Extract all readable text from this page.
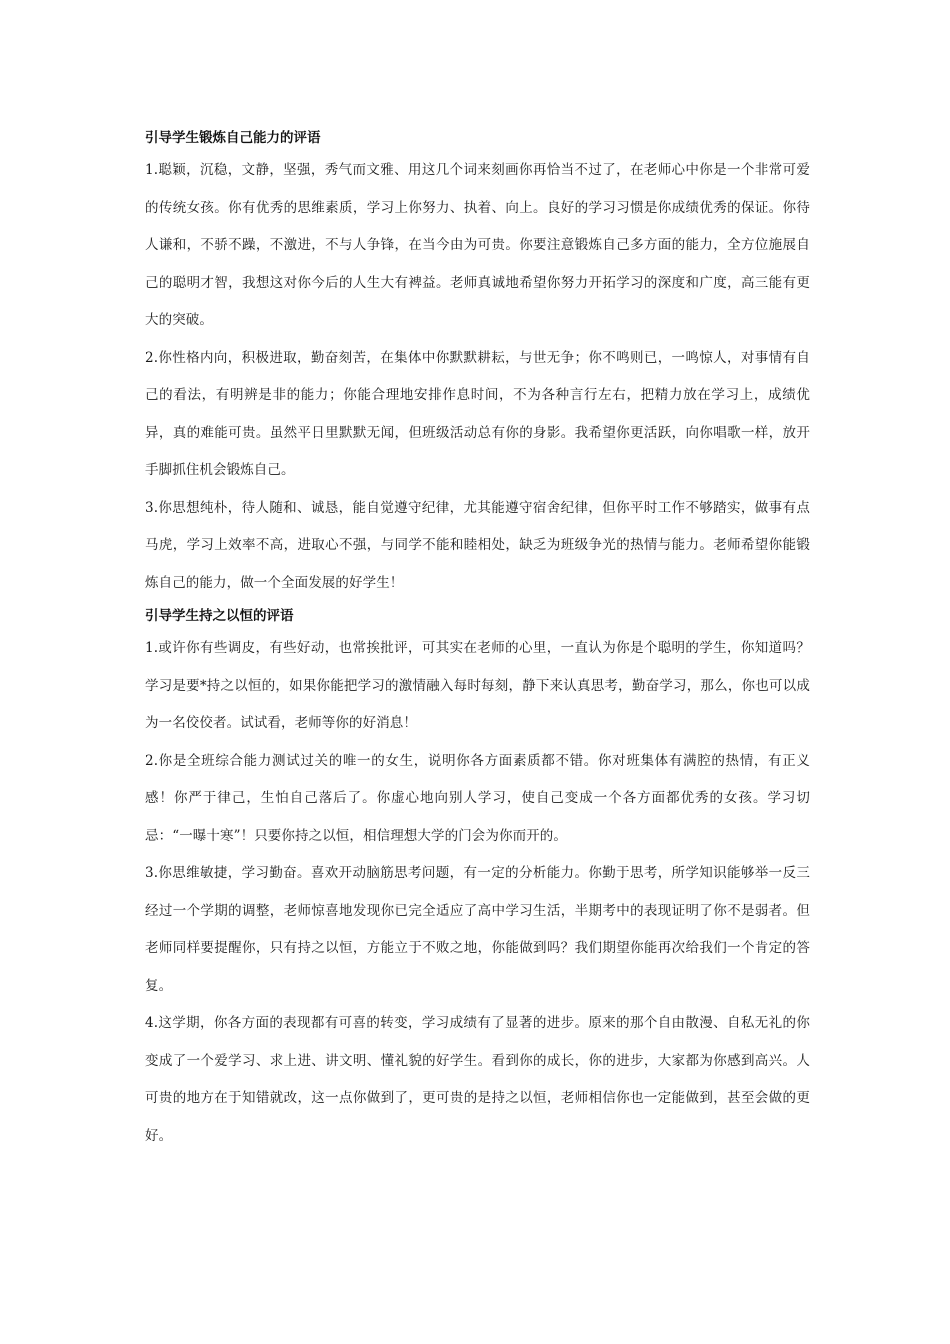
引导学生锻炼自己能力的评语

1.聪颖，沉稳，文静，坚强，秀气而文雅、用这几个词来刻画你再恰当不过了，在老师心中你是一个非常可爱的传统女孩。你有优秀的思维素质，学习上你努力、执着、向上。良好的学习习惯是你成绩优秀的保证。你待人谦和，不骄不躁，不激进，不与人争锋，在当今由为可贵。你要注意锻炼自己多方面的能力，全方位施展自己的聪明才智，我想这对你今后的人生大有裨益。老师真诚地希望你努力开拓学习的深度和广度，高三能有更大的突破。

2.你性格内向，积极进取，勤奋刻苦，在集体中你默默耕耘，与世无争；你不鸣则已，一鸣惊人，对事情有自己的看法，有明辨是非的能力；你能合理地安排作息时间，不为各种言行左右，把精力放在学习上，成绩优异，真的难能可贵。虽然平日里默默无闻，但班级活动总有你的身影。我希望你更活跃，向你唱歌一样，放开手脚抓住机会锻炼自己。

3.你思想纯朴，待人随和、诚恳，能自觉遵守纪律，尤其能遵守宿舍纪律，但你平时工作不够踏实，做事有点马虎，学习上效率不高，进取心不强，与同学不能和睦相处，缺乏为班级争光的热情与能力。老师希望你能锻炼自己的能力，做一个全面发展的好学生！

引导学生持之以恒的评语

1.或许你有些调皮，有些好动，也常挨批评，可其实在老师的心里，一直认为你是个聪明的学生，你知道吗？学习是要*持之以恒的，如果你能把学习的激情融入每时每刻，静下来认真思考，勤奋学习，那么，你也可以成为一名佼佼者。试试看，老师等你的好消息！

2.你是全班综合能力测试过关的唯一的女生，说明你各方面素质都不错。你对班集体有满腔的热情，有正义感！你严于律己，生怕自己落后了。你虚心地向别人学习，使自己变成一个各方面都优秀的女孩。学习切忌：“一曝十寒”！只要你持之以恒，相信理想大学的门会为你而开的。

3.你思维敏捷，学习勤奋。喜欢开动脑筋思考问题，有一定的分析能力。你勤于思考，所学知识能够举一反三经过一个学期的调整，老师惊喜地发现你已完全适应了高中学习生活，半期考中的表现证明了你不是弱者。但老师同样要提醒你，只有持之以恒，方能立于不败之地，你能做到吗？我们期望你能再次给我们一个肯定的答复。

4.这学期，你各方面的表现都有可喜的转变，学习成绩有了显著的进步。原来的那个自由散漫、自私无礼的你变成了一个爱学习、求上进、讲文明、懂礼貌的好学生。看到你的成长，你的进步，大家都为你感到高兴。人可贵的地方在于知错就改，这一点你做到了，更可贵的是持之以恒，老师相信你也一定能做到，甚至会做的更好。
